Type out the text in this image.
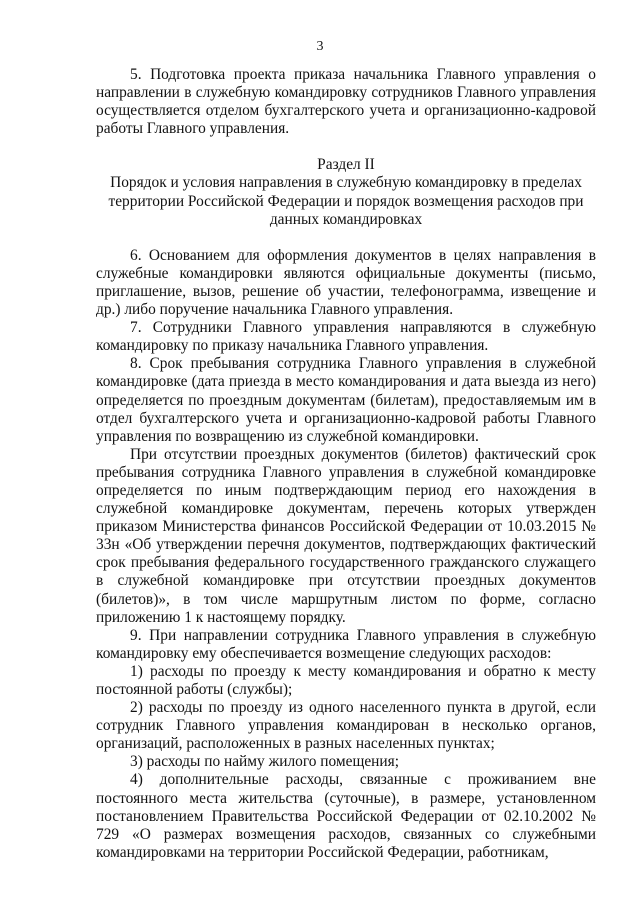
3

5. Подготовка проекта приказа начальника Главного управления о направлении в служебную командировку сотрудников Главного управления осуществляется отделом бухгалтерского учета и организационно-кадровой работы Главного управления.

Раздел II

Порядок и условия направления в служебную командировку в пределах территории Российской Федерации и порядок возмещения расходов при данных командировках

6. Основанием для оформления документов в целях направления в служебные командировки являются официальные документы (письмо, приглашение, вызов, решение об участии, телефонограмма, извещение и др.) либо поручение начальника Главного управления.

7. Сотрудники Главного управления направляются в служебную командировку по приказу начальника Главного управления.

8. Срок пребывания сотрудника Главного управления в служебной командировке (дата приезда в место командирования и дата выезда из него) определяется по проездным документам (билетам), предоставляемым им в отдел бухгалтерского учета и организационно-кадровой работы Главного управления по возвращению из служебной командировки.

При отсутствии проездных документов (билетов) фактический срок пребывания сотрудника Главного управления в служебной командировке определяется по иным подтверждающим период его нахождения в служебной командировке документам, перечень которых утвержден приказом Министерства финансов Российской Федерации от 10.03.2015 № 33н «Об утверждении перечня документов, подтверждающих фактический срок пребывания федерального государственного гражданского служащего в служебной командировке при отсутствии проездных документов (билетов)», в том числе маршрутным листом по форме, согласно приложению 1 к настоящему порядку.

9. При направлении сотрудника Главного управления в служебную командировку ему обеспечивается возмещение следующих расходов:

1) расходы по проезду к месту командирования и обратно к месту постоянной работы (службы);

2) расходы по проезду из одного населенного пункта в другой, если сотрудник Главного управления командирован в несколько органов, организаций, расположенных в разных населенных пунктах;

3) расходы по найму жилого помещения;

4) дополнительные расходы, связанные с проживанием вне постоянного места жительства (суточные), в размере, установленном постановлением Правительства Российской Федерации от 02.10.2002 № 729 «О размерах возмещения расходов, связанных со служебными командировками на территории Российской Федерации, работникам,
